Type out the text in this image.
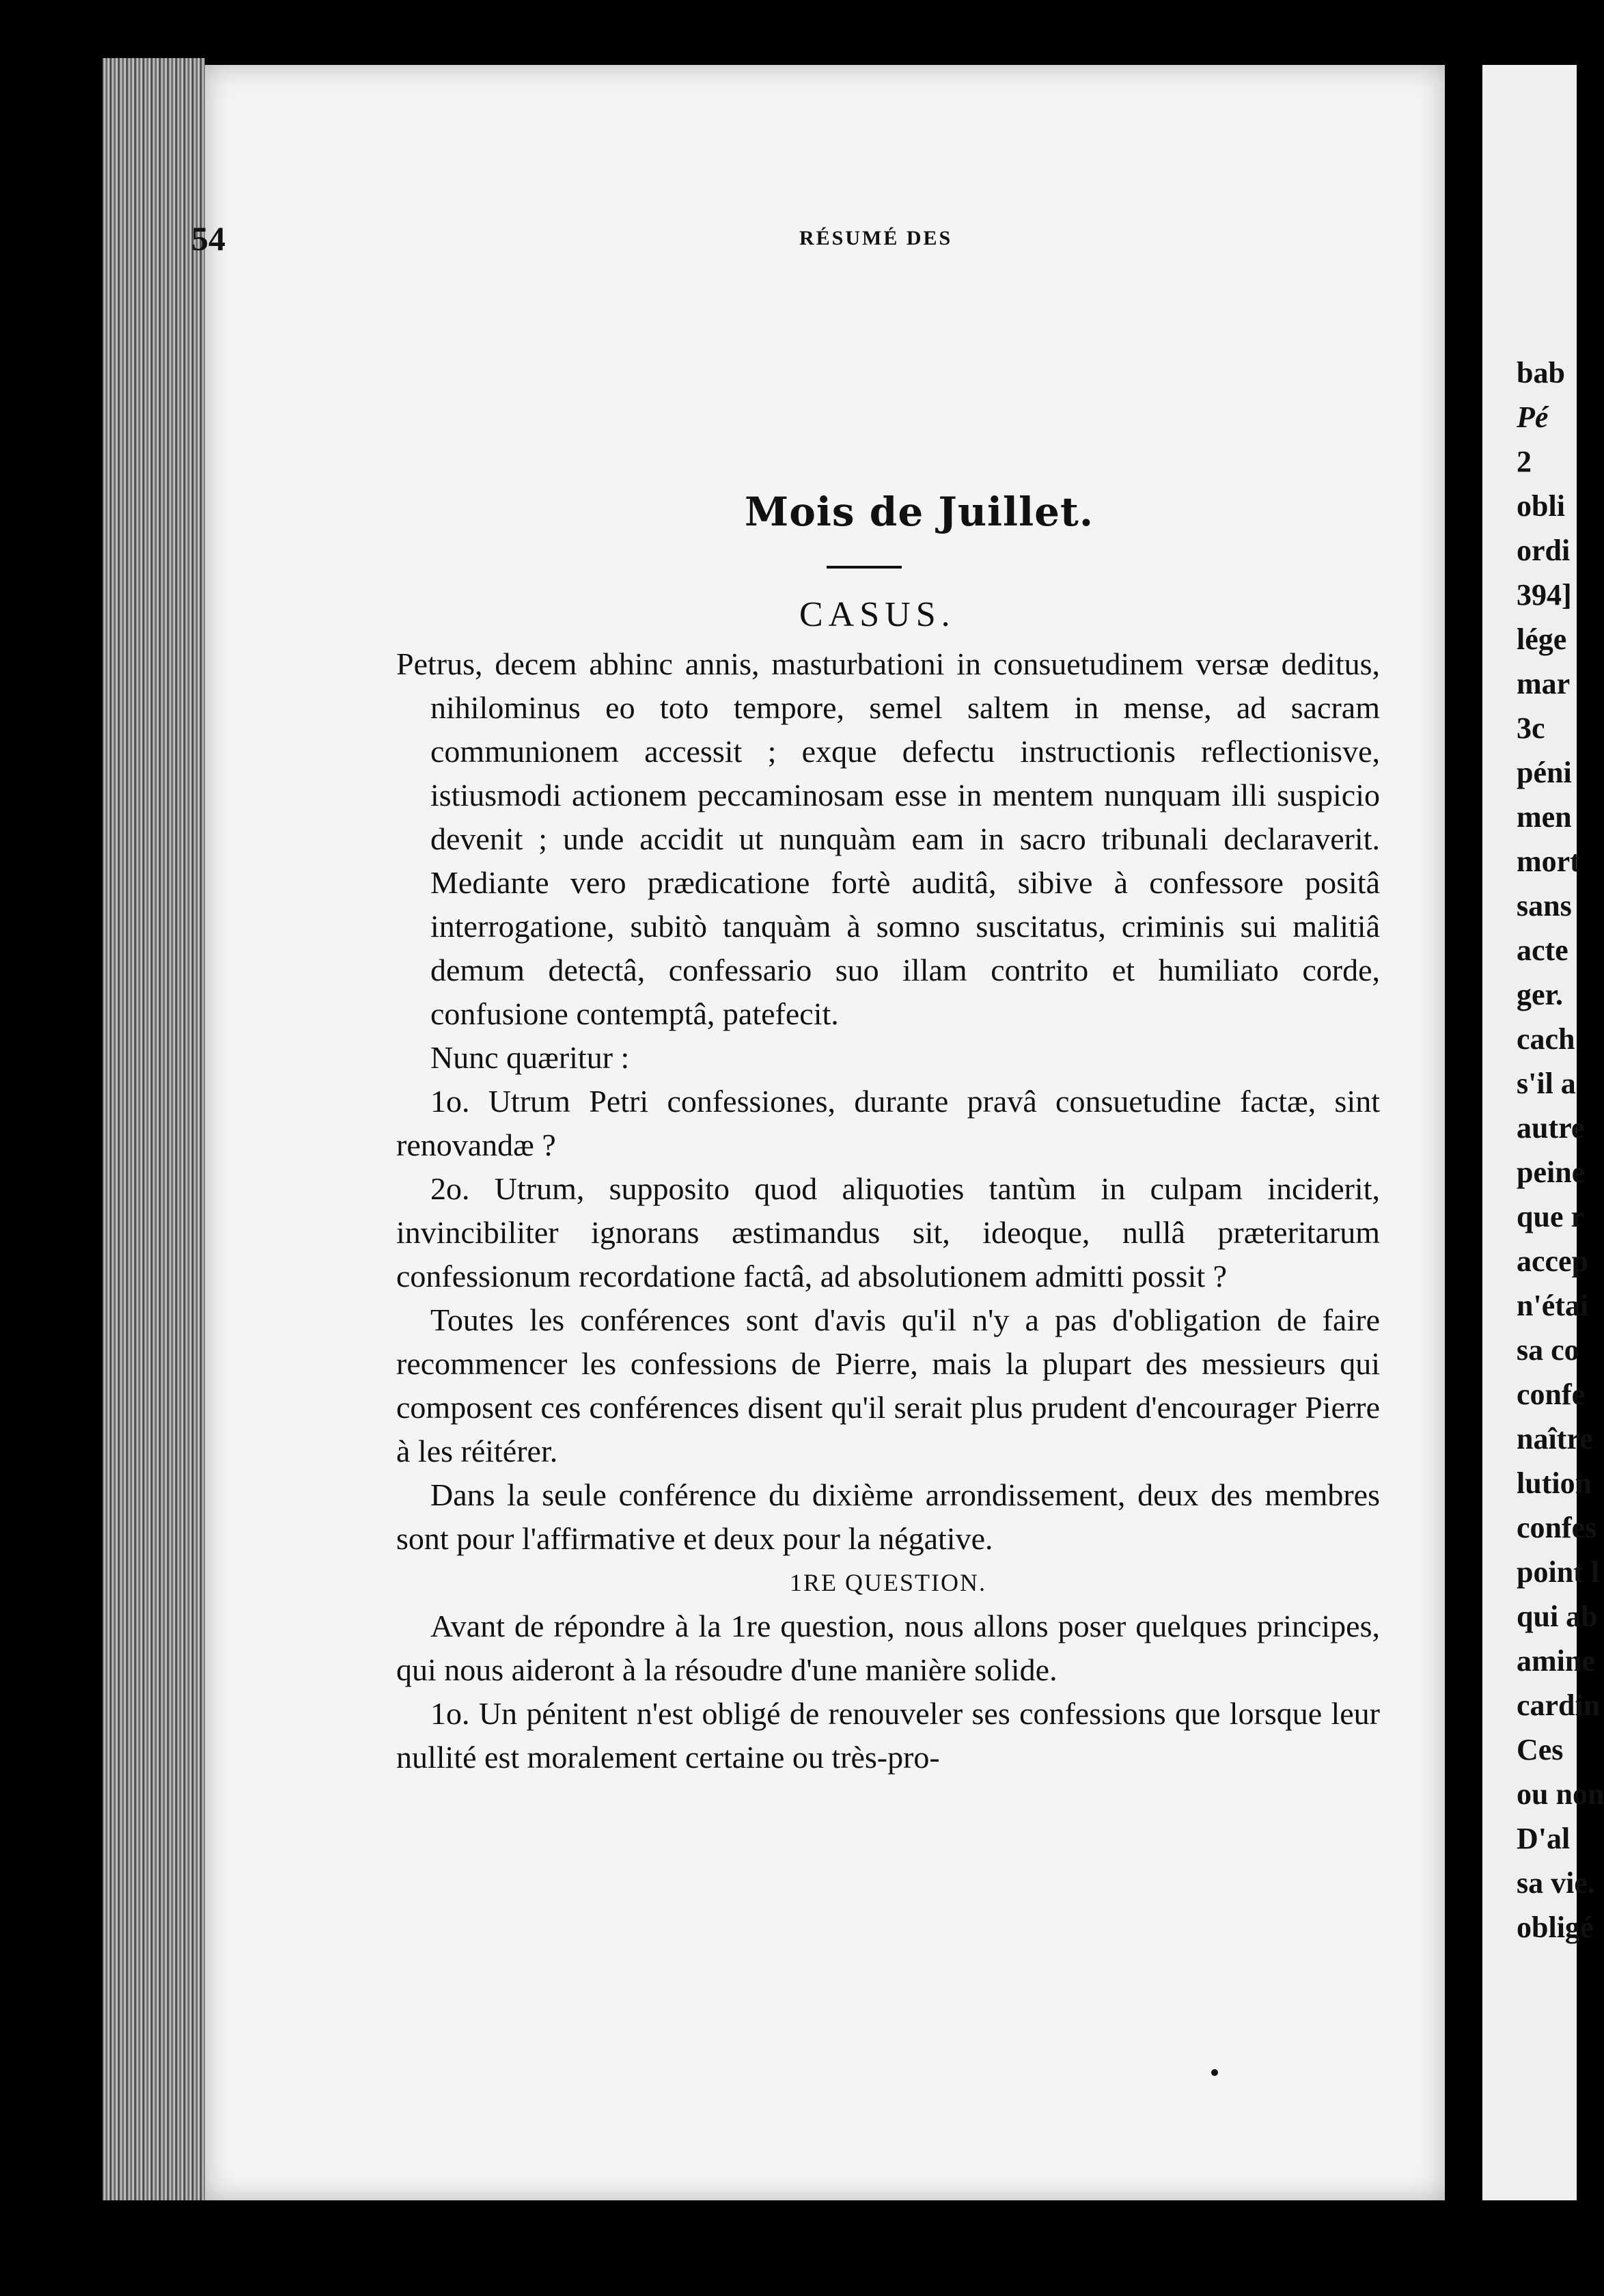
54	RÉSUMÉ DES
Mois de Juillet.
CASUS.

Petrus, decem abhinc annis, masturbationi in consuetudinem versæ deditus, nihilominus eo toto tempore, semel saltem in mense, ad sacram communionem accessit ; exque defectu instructionis reflectionisve, istiusmodi actionem peccaminosam esse in mentem nunquam illi suspicio devenit ; unde accidit ut nunquàm eam in sacro tribunali declaraverit. Mediante vero prædicatione fortè auditâ, sibive à confessore positâ interrogatione, subitò tanquàm à somno suscitatus, criminis sui malitiâ demum detectâ, confessario suo illam contrito et humiliato corde, confusione contemptâ, patefecit.

Nunc quæritur :

1o. Utrum Petri confessiones, durante pravâ consuetudine factæ, sint renovandæ ?

2o. Utrum, supposito quod aliquoties tantùm in culpam inciderit, invincibiliter ignorans æstimandus sit, ideoque, nullâ præteritarum confessionum recordatione factâ, ad absolutionem admitti possit ?

Toutes les conférences sont d'avis qu'il n'y a pas d'obligation de faire recommencer les confessions de Pierre, mais la plupart des messieurs qui composent ces conférences disent qu'il serait plus prudent d'encourager Pierre à les réitérer.

Dans la seule conférence du dixième arrondissement, deux des membres sont pour l'affirmative et deux pour la négative.

1RE QUESTION.

Avant de répondre à la 1re question, nous allons poser quelques principes, qui nous aideront à la résoudre d'une manière solide.

1o. Un pénitent n'est obligé de renouveler ses confessions que lorsque leur nullité est moralement certaine ou très-pro-

bab
Pé
2
obli
ordi
394]
lége
mar
3c
péni
men
mort
sans
acte
ger.
cach
s'il a
autre
peine
que r
accep
n'étai
sa co
confe
naître
lution
confes
point l
qui ab
amine
cardin
Ces
ou non
D'al
sa vie.
obligé
